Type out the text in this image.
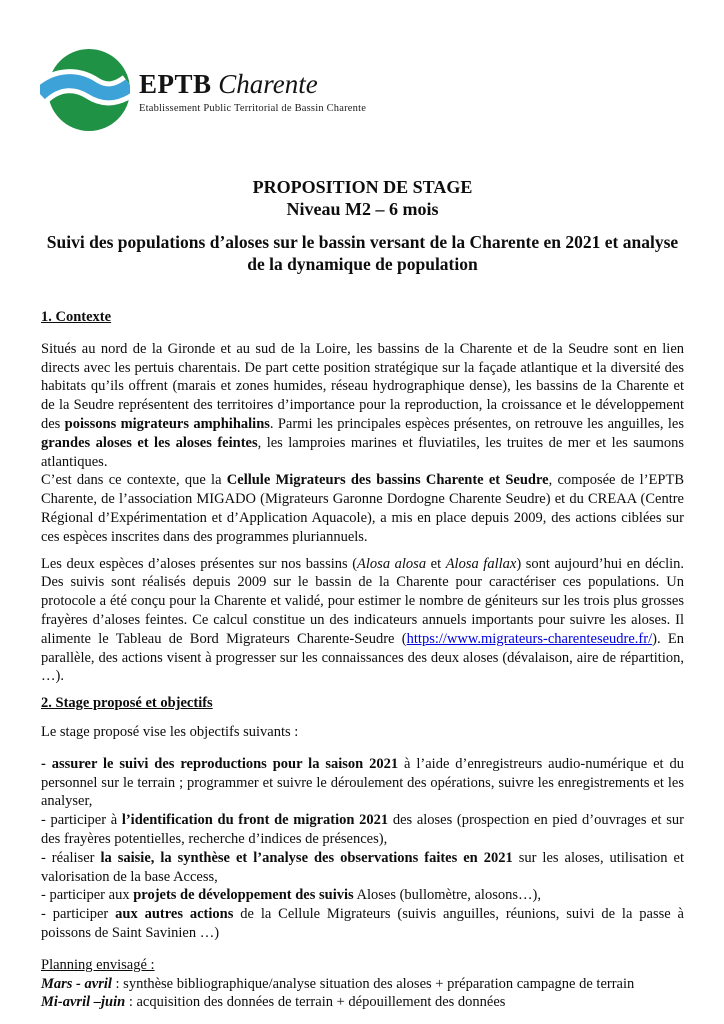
EPTB Charente
Etablissement Public Territorial de Bassin Charente

PROPOSITION DE STAGE

Niveau M2 – 6 mois

Suivi des populations d’aloses sur le bassin versant de la Charente en 2021 et analyse de la dynamique de population

1. Contexte

Situés au nord de la Gironde et au sud de la Loire, les bassins de la Charente et de la Seudre sont en lien directs avec les pertuis charentais. De part cette position stratégique sur la façade atlantique et la diversité des habitats qu’ils offrent (marais et zones humides, réseau hydrographique dense), les bassins de la Charente et de la Seudre représentent des territoires d’importance pour la reproduction, la croissance et le développement des poissons migrateurs amphihalins. Parmi les principales espèces présentes, on retrouve les anguilles, les grandes aloses et les aloses feintes, les lamproies marines et fluviatiles, les truites de mer et les saumons atlantiques.

C’est dans ce contexte, que la Cellule Migrateurs des bassins Charente et Seudre, composée de l’EPTB Charente, de l’association MIGADO (Migrateurs Garonne Dordogne Charente Seudre) et du CREAA (Centre Régional d’Expérimentation et d’Application Aquacole), a mis en place depuis 2009, des actions ciblées sur ces espèces inscrites dans des programmes pluriannuels.

Les deux espèces d’aloses présentes sur nos bassins (Alosa alosa et Alosa fallax) sont aujourd’hui en déclin. Des suivis sont réalisés depuis 2009 sur le bassin de la Charente pour caractériser ces populations. Un protocole a été conçu pour la Charente et validé, pour estimer le nombre de géniteurs sur les trois plus grosses frayères d’aloses feintes. Ce calcul constitue un des indicateurs annuels importants pour suivre les aloses. Il alimente le Tableau de Bord Migrateurs Charente-Seudre (https://www.migrateurs-charenteseudre.fr/). En parallèle, des actions visent à progresser sur les connaissances des deux aloses (dévalaison, aire de répartition, …).

2. Stage proposé et objectifs

Le stage proposé vise les objectifs suivants :

- assurer le suivi des reproductions pour la saison 2021 à l’aide d’enregistreurs audio-numérique et du personnel sur le terrain ; programmer et suivre le déroulement des opérations, suivre les enregistrements et les analyser,

- participer à l’identification du front de migration 2021 des aloses (prospection en pied d’ouvrages et sur des frayères potentielles, recherche d’indices de présences),

- réaliser la saisie, la synthèse et l’analyse des observations faites en 2021 sur les aloses, utilisation et valorisation de la base Access,

- participer aux projets de développement des suivis Aloses (bullomètre, alosons…),

- participer aux autres actions de la Cellule Migrateurs (suivis anguilles, réunions, suivi de la passe à poissons de Saint Savinien …)

Planning envisagé :

Mars - avril : synthèse bibliographique/analyse situation des aloses + préparation campagne de terrain

Mi-avril –juin : acquisition des données de terrain + dépouillement des données
